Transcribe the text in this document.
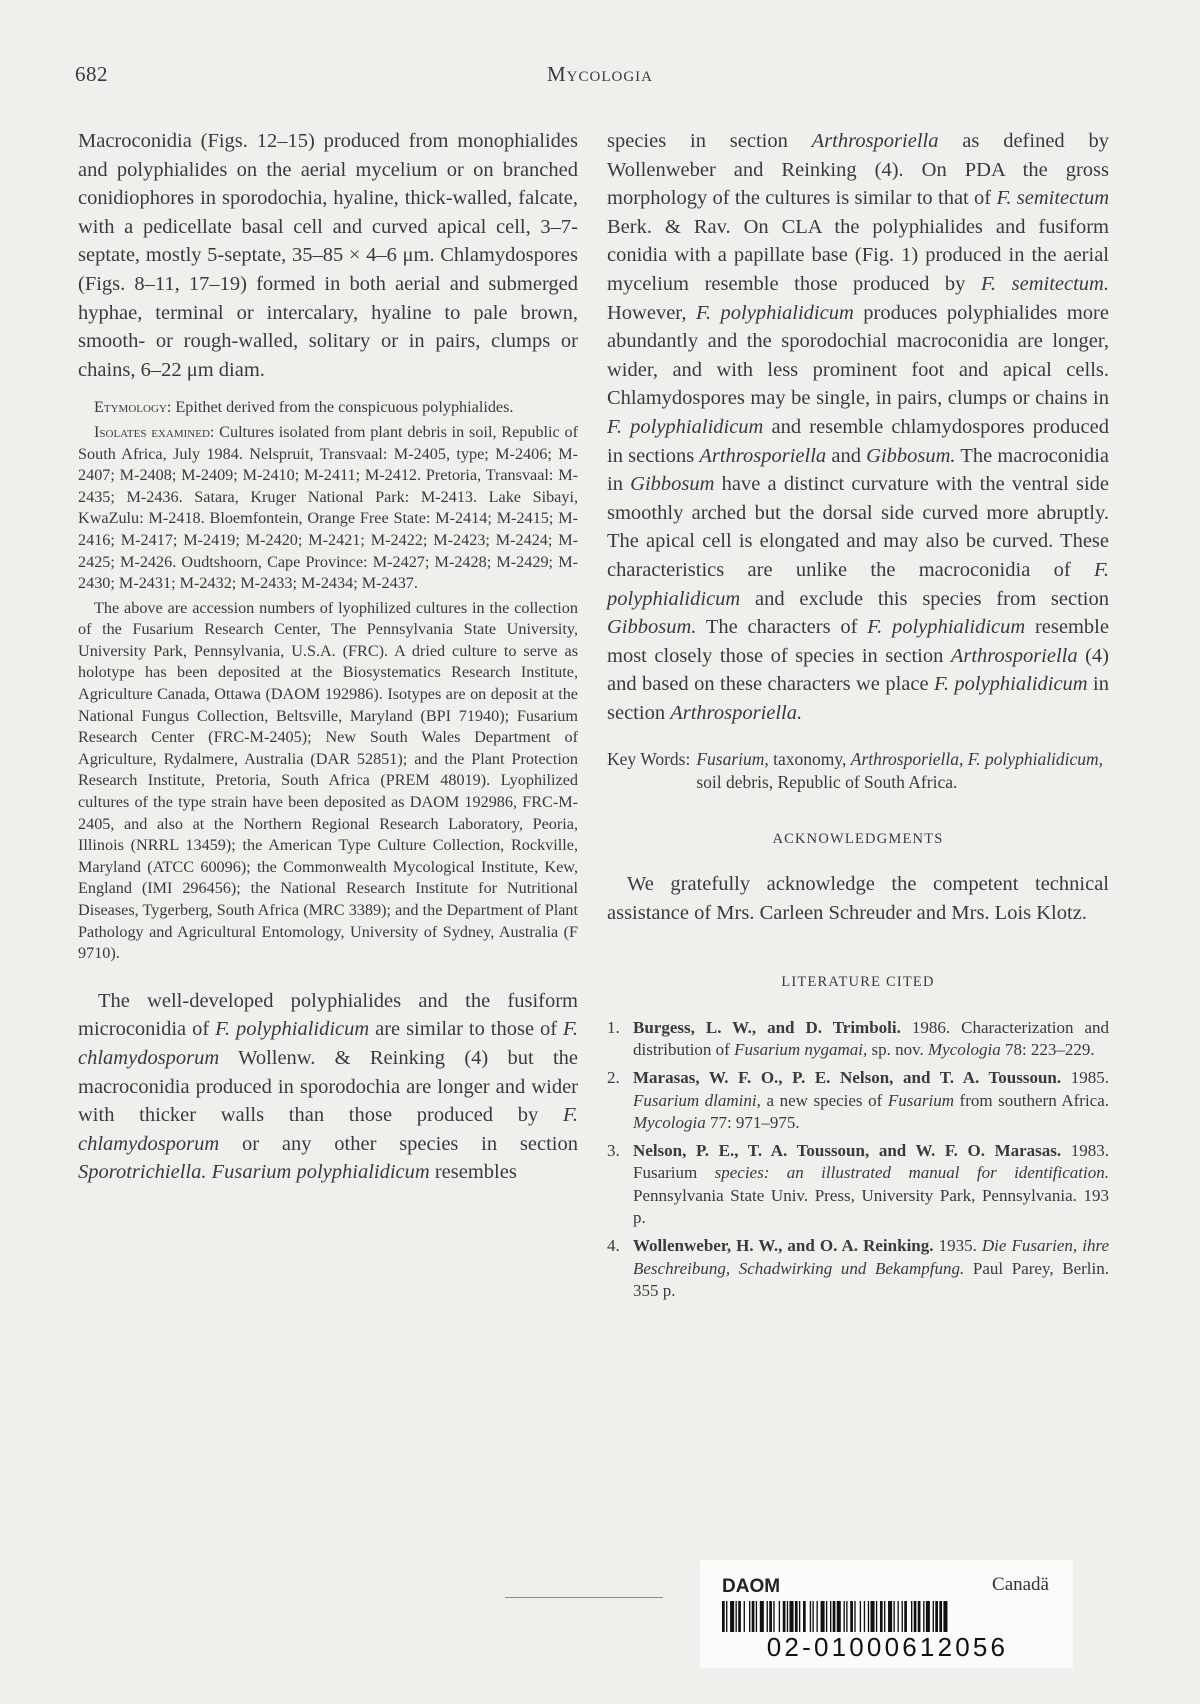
682	Mycologia

Macroconidia (Figs. 12–15) produced from monophialides and polyphialides on the aerial mycelium or on branched conidiophores in sporodochia, hyaline, thick-walled, falcate, with a pedicellate basal cell and curved apical cell, 3–7-septate, mostly 5-septate, 35–85 × 4–6 μm. Chlamydospores (Figs. 8–11, 17–19) formed in both aerial and submerged hyphae, terminal or intercalary, hyaline to pale brown, smooth- or rough-walled, solitary or in pairs, clumps or chains, 6–22 μm diam.

Etymology: Epithet derived from the conspicuous polyphialides.

Isolates examined: Cultures isolated from plant debris in soil, Republic of South Africa, July 1984. Nelspruit, Transvaal: M-2405, type; M-2406; M-2407; M-2408; M-2409; M-2410; M-2411; M-2412. Pretoria, Transvaal: M-2435; M-2436. Satara, Kruger National Park: M-2413. Lake Sibayi, KwaZulu: M-2418. Bloemfontein, Orange Free State: M-2414; M-2415; M-2416; M-2417; M-2419; M-2420; M-2421; M-2422; M-2423; M-2424; M-2425; M-2426. Oudtshoorn, Cape Province: M-2427; M-2428; M-2429; M-2430; M-2431; M-2432; M-2433; M-2434; M-2437.

The above are accession numbers of lyophilized cultures in the collection of the Fusarium Research Center, The Pennsylvania State University, University Park, Pennsylvania, U.S.A. (FRC). A dried culture to serve as holotype has been deposited at the Biosystematics Research Institute, Agriculture Canada, Ottawa (DAOM 192986). Isotypes are on deposit at the National Fungus Collection, Beltsville, Maryland (BPI 71940); Fusarium Research Center (FRC-M-2405); New South Wales Department of Agriculture, Rydalmere, Australia (DAR 52851); and the Plant Protection Research Institute, Pretoria, South Africa (PREM 48019). Lyophilized cultures of the type strain have been deposited as DAOM 192986, FRC-M-2405, and also at the Northern Regional Research Laboratory, Peoria, Illinois (NRRL 13459); the American Type Culture Collection, Rockville, Maryland (ATCC 60096); the Commonwealth Mycological Institute, Kew, England (IMI 296456); the National Research Institute for Nutritional Diseases, Tygerberg, South Africa (MRC 3389); and the Department of Plant Pathology and Agricultural Entomology, University of Sydney, Australia (F 9710).

The well-developed polyphialides and the fusiform microconidia of F. polyphialidicum are similar to those of F. chlamydosporum Wollenw. & Reinking (4) but the macroconidia produced in sporodochia are longer and wider with thicker walls than those produced by F. chlamydosporum or any other species in section Sporotrichiella. Fusarium polyphialidicum resembles

species in section Arthrosporiella as defined by Wollenweber and Reinking (4). On PDA the gross morphology of the cultures is similar to that of F. semitectum Berk. & Rav. On CLA the polyphialides and fusiform conidia with a papillate base (Fig. 1) produced in the aerial mycelium resemble those produced by F. semitectum. However, F. polyphialidicum produces polyphialides more abundantly and the sporodochial macroconidia are longer, wider, and with less prominent foot and apical cells. Chlamydospores may be single, in pairs, clumps or chains in F. polyphialidicum and resemble chlamydospores produced in sections Arthrosporiella and Gibbosum. The macroconidia in Gibbosum have a distinct curvature with the ventral side smoothly arched but the dorsal side curved more abruptly. The apical cell is elongated and may also be curved. These characteristics are unlike the macroconidia of F. polyphialidicum and exclude this species from section Gibbosum. The characters of F. polyphialidicum resemble most closely those of species in section Arthrosporiella (4) and based on these characters we place F. polyphialidicum in section Arthrosporiella.

Key Words: Fusarium, taxonomy, Arthrosporiella, F. polyphialidicum, soil debris, Republic of South Africa.
ACKNOWLEDGMENTS

We gratefully acknowledge the competent technical assistance of Mrs. Carleen Schreuder and Mrs. Lois Klotz.

LITERATURE CITED
1. Burgess, L. W., and D. Trimboli. 1986. Characterization and distribution of Fusarium nygamai, sp. nov. Mycologia 78: 223–229.
2. Marasas, W. F. O., P. E. Nelson, and T. A. Toussoun. 1985. Fusarium dlamini, a new species of Fusarium from southern Africa. Mycologia 77: 971–975.
3. Nelson, P. E., T. A. Toussoun, and W. F. O. Marasas. 1983. Fusarium species: an illustrated manual for identification. Pennsylvania State Univ. Press, University Park, Pennsylvania. 193 p.
4. Wollenweber, H. W., and O. A. Reinking. 1935. Die Fusarien, ihre Beschreibung, Schadwirking und Bekampfung. Paul Parey, Berlin. 355 p.
DAOM	Canadä
02-01000612056
